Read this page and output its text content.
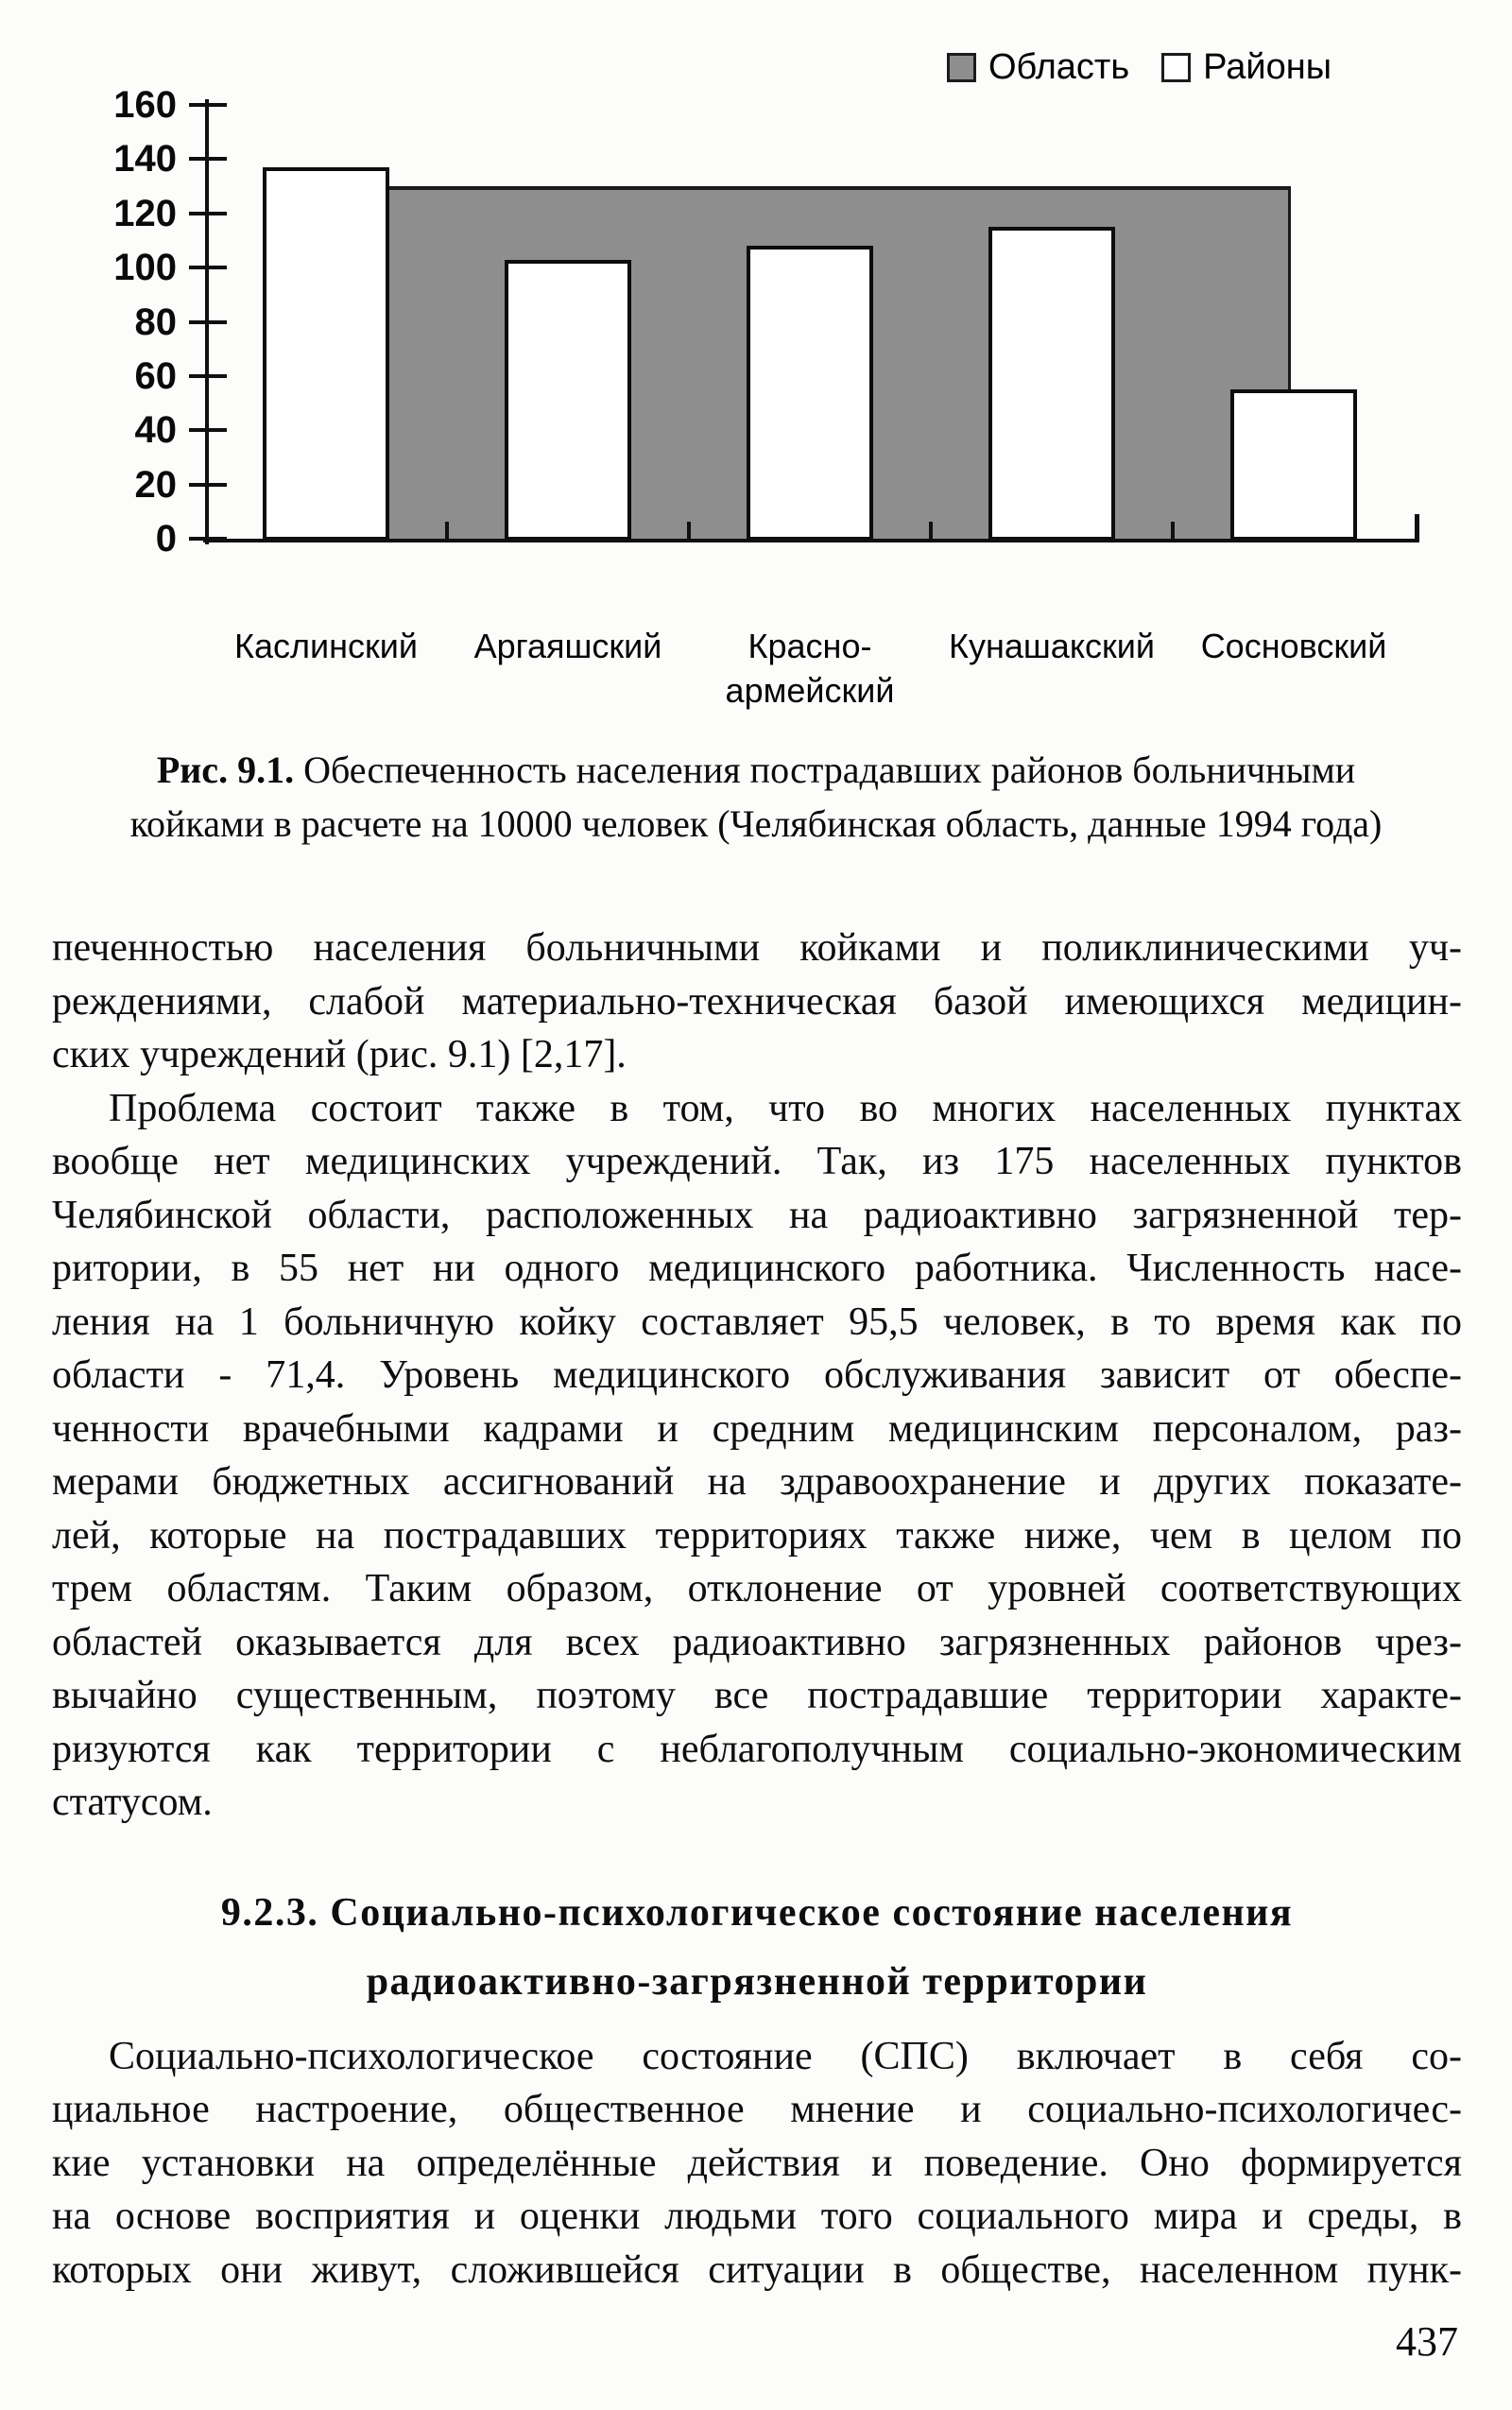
0
20
40
60
80
100
120
140
160
Область Районы
Каслинский	Аргаяшский	Красно-армейский
Кунашакский	Сосновский
Рис. 9.1. Обеспеченность населения пострадавших районов больничными
койками в расчете на 10000 человек (Челябинская область, данные 1994 года)
печенностью населения больничными койками и поликлиническими уч-
реждениями, слабой материально-техническая базой имеющихся медицин-
ских учреждений (рис. 9.1) [2,17].
Проблема состоит также в том, что во многих населенных пунктах
вообще нет медицинских учреждений. Так, из 175 населенных пунктов
Челябинской области, расположенных на радиоактивно загрязненной тер-
ритории, в 55 нет ни одного медицинского работника. Численность насе-
ления на 1 больничную койку составляет 95,5 человек, в то время как по
области - 71,4. Уровень медицинского обслуживания зависит от обеспе-
ченности врачебными кадрами и средним медицинским персоналом, раз-
мерами бюджетных ассигнований на здравоохранение и других показате-
лей, которые на пострадавших территориях также ниже, чем в целом по
трем областям. Таким образом, отклонение от уровней соответствующих
областей оказывается для всех радиоактивно загрязненных районов чрез-
вычайно существенным, поэтому все пострадавшие территории характе-
ризуются как территории с неблагополучным социально-экономическим
статусом.
9.2.3. Социально-психологическое состояние населения
радиоактивно-загрязненной территории
Социально-психологическое состояние (СПС) включает в себя со-
циальное настроение, общественное мнение и социально-психологичес-
кие установки на определённые действия и поведение. Оно формируется
на основе восприятия и оценки людьми того социального мира и среды, в
которых они живут, сложившейся ситуации в обществе, населенном пунк-
437
